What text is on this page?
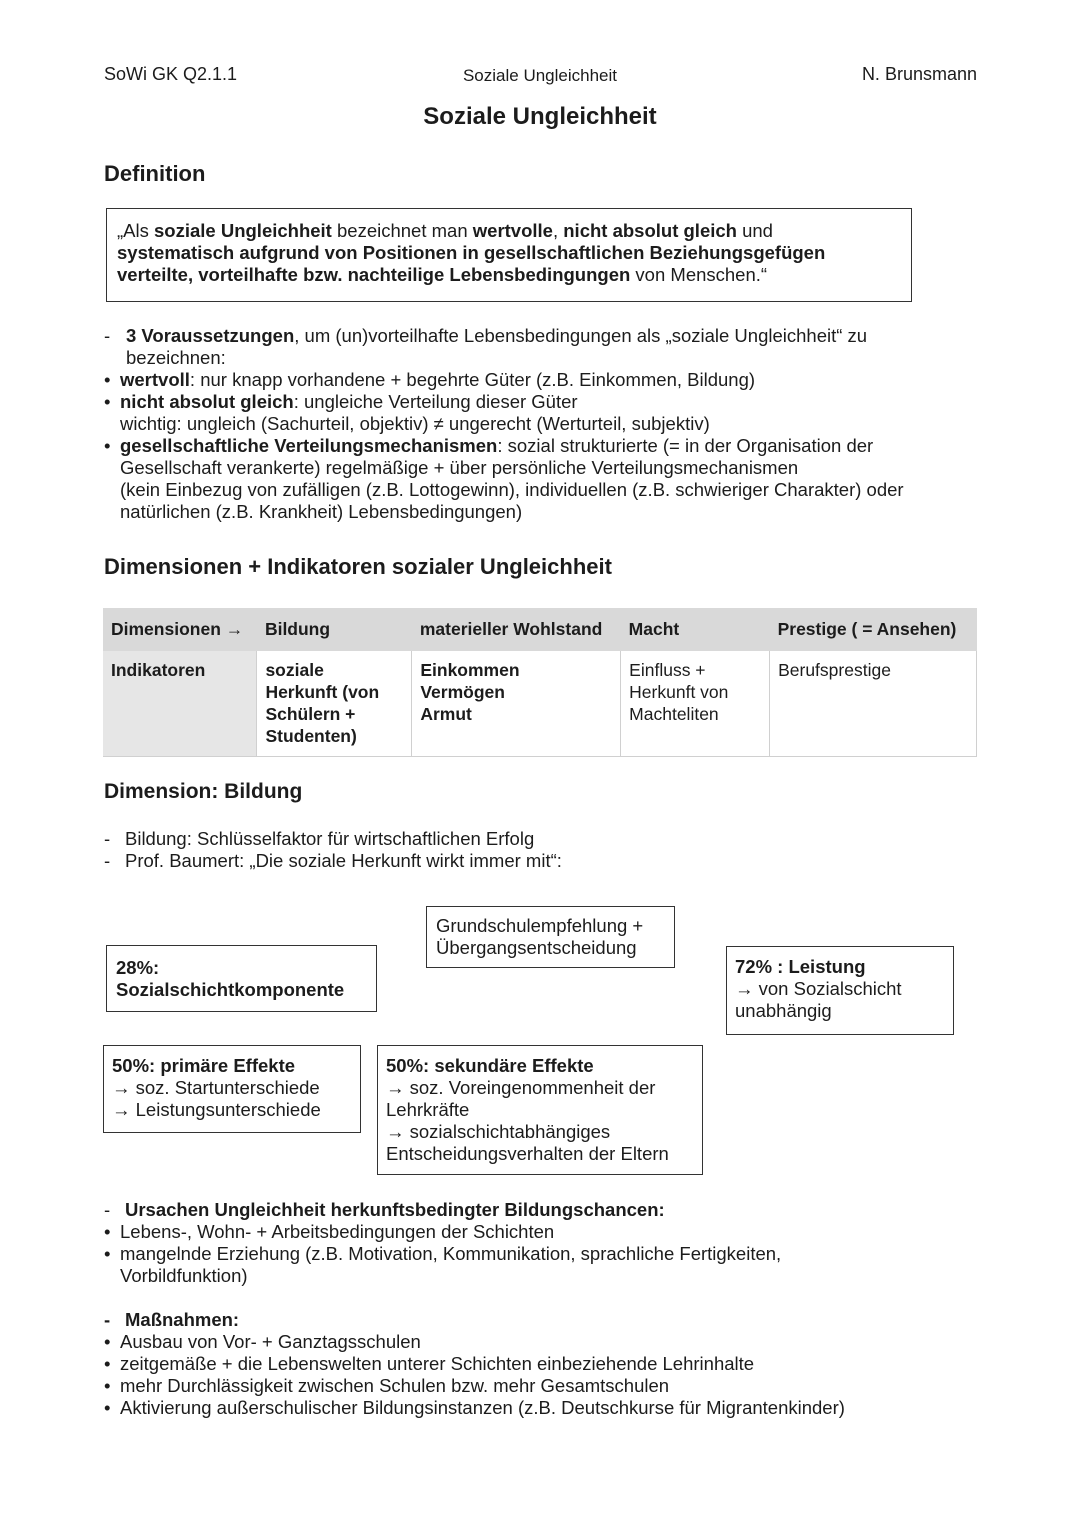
SoWi GK Q2.1.1	Soziale Ungleichheit	N. Brunsmann
Soziale Ungleichheit
Definition
„Als soziale Ungleichheit bezeichnet man wertvolle, nicht absolut gleich und
systematisch aufgrund von Positionen in gesellschaftlichen Beziehungsgefügen
verteilte, vorteilhafte bzw. nachteilige Lebensbedingungen von Menschen.“
- 3 Voraussetzungen, um (un)vorteilhafte Lebensbedingungen als „soziale Ungleichheit“ zu
bezeichnen:
• wertvoll: nur knapp vorhandene + begehrte Güter (z.B. Einkommen, Bildung)
• nicht absolut gleich: ungleiche Verteilung dieser Güter
wichtig: ungleich (Sachurteil, objektiv) ≠ ungerecht (Werturteil, subjektiv)
• gesellschaftliche Verteilungsmechanismen: sozial strukturierte (= in der Organisation der
Gesellschaft verankerte) regelmäßige + über persönliche Verteilungsmechanismen
(kein Einbezug von zufälligen (z.B. Lottogewinn), individuellen (z.B. schwieriger Charakter) oder
natürlichen (z.B. Krankheit) Lebensbedingungen)
Dimensionen + Indikatoren sozialer Ungleichheit
Dimensionen →	Bildung	materieller Wohlstand	Macht	Prestige ( = Ansehen)
Indikatoren	soziale
Herkunft (von
Schülern +
Studenten)

Einkommen
Vermögen
Armut

Einfluss +
Herkunft von
Machteliten

Berufsprestige
Dimension: Bildung
- Bildung: Schlüsselfaktor für wirtschaftlichen Erfolg
- Prof. Baumert: „Die soziale Herkunft wirkt immer mit“:
Grundschulempfehlung +
Übergangsentscheidung
28%:
Sozialschichtkomponente
72% : Leistung
→ von Sozialschicht
unabhängig
50%: primäre Effekte
→ soz. Startunterschiede
→ Leistungsunterschiede
50%: sekundäre Effekte
→ soz. Voreingenommenheit der
Lehrkräfte
→ sozialschichtabhängiges
Entscheidungsverhalten der Eltern
- Ursachen Ungleichheit herkunftsbedingter Bildungschancen:
• Lebens-, Wohn- + Arbeitsbedingungen der Schichten
• mangelnde Erziehung (z.B. Motivation, Kommunikation, sprachliche Fertigkeiten,
Vorbildfunktion)
- Maßnahmen:
• Ausbau von Vor- + Ganztagsschulen
• zeitgemäße + die Lebenswelten unterer Schichten einbeziehende Lehrinhalte
• mehr Durchlässigkeit zwischen Schulen bzw. mehr Gesamtschulen
• Aktivierung außerschulischer Bildungsinstanzen (z.B. Deutschkurse für Migrantenkinder)
